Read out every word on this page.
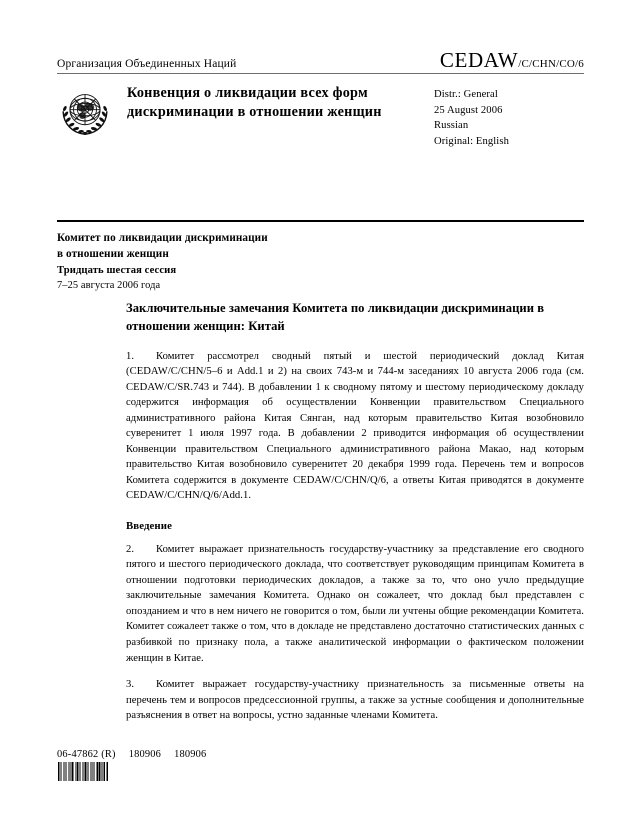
Организация Объединенных Наций	CEDAW/C/CHN/CO/6
Конвенция о ликвидации всех форм дискриминации в отношении женщин
Distr.: General
25 August 2006
Russian
Original: English
Комитет по ликвидации дискриминации
в отношении женщин
Тридцать шестая сессия
7–25 августа 2006 года
Заключительные замечания Комитета по ликвидации дискриминации в отношении женщин: Китай

1. Комитет рассмотрел сводный пятый и шестой периодический доклад Китая (CEDAW/C/CHN/5–6 и Add.1 и 2) на своих 743-м и 744-м заседаниях 10 августа 2006 года (см. CEDAW/C/SR.743 и 744). В добавлении 1 к сводному пятому и шестому периодическому докладу содержится информация об осуществлении Конвенции правительством Специального административного района Китая Сянган, над которым правительство Китая возобновило суверенитет 1 июля 1997 года. В добавлении 2 приводится информация об осуществлении Конвенции правительством Специального административного района Макао, над которым правительство Китая возобновило суверенитет 20 декабря 1999 года. Перечень тем и вопросов Комитета содержится в документе CEDAW/C/CHN/Q/6, а ответы Китая приводятся в документе CEDAW/C/CHN/Q/6/Add.1.

Введение

2. Комитет выражает признательность государству-участнику за представление его сводного пятого и шестого периодического доклада, что соответствует руководящим принципам Комитета в отношении подготовки периодических докладов, а также за то, что оно учло предыдущие заключительные замечания Комитета. Однако он сожалеет, что доклад был представлен с опозданием и что в нем ничего не говорится о том, были ли учтены общие рекомендации Комитета. Комитет сожалеет также о том, что в докладе не представлено достаточно статистических данных с разбивкой по признаку пола, а также аналитической информации о фактическом положении женщин в Китае.

3. Комитет выражает государству-участнику признательность за письменные ответы на перечень тем и вопросов предсессионной группы, а также за устные сообщения и дополнительные разъяснения в ответ на вопросы, устно заданные членами Комитета.

06-47862 (R) 180906 180906
